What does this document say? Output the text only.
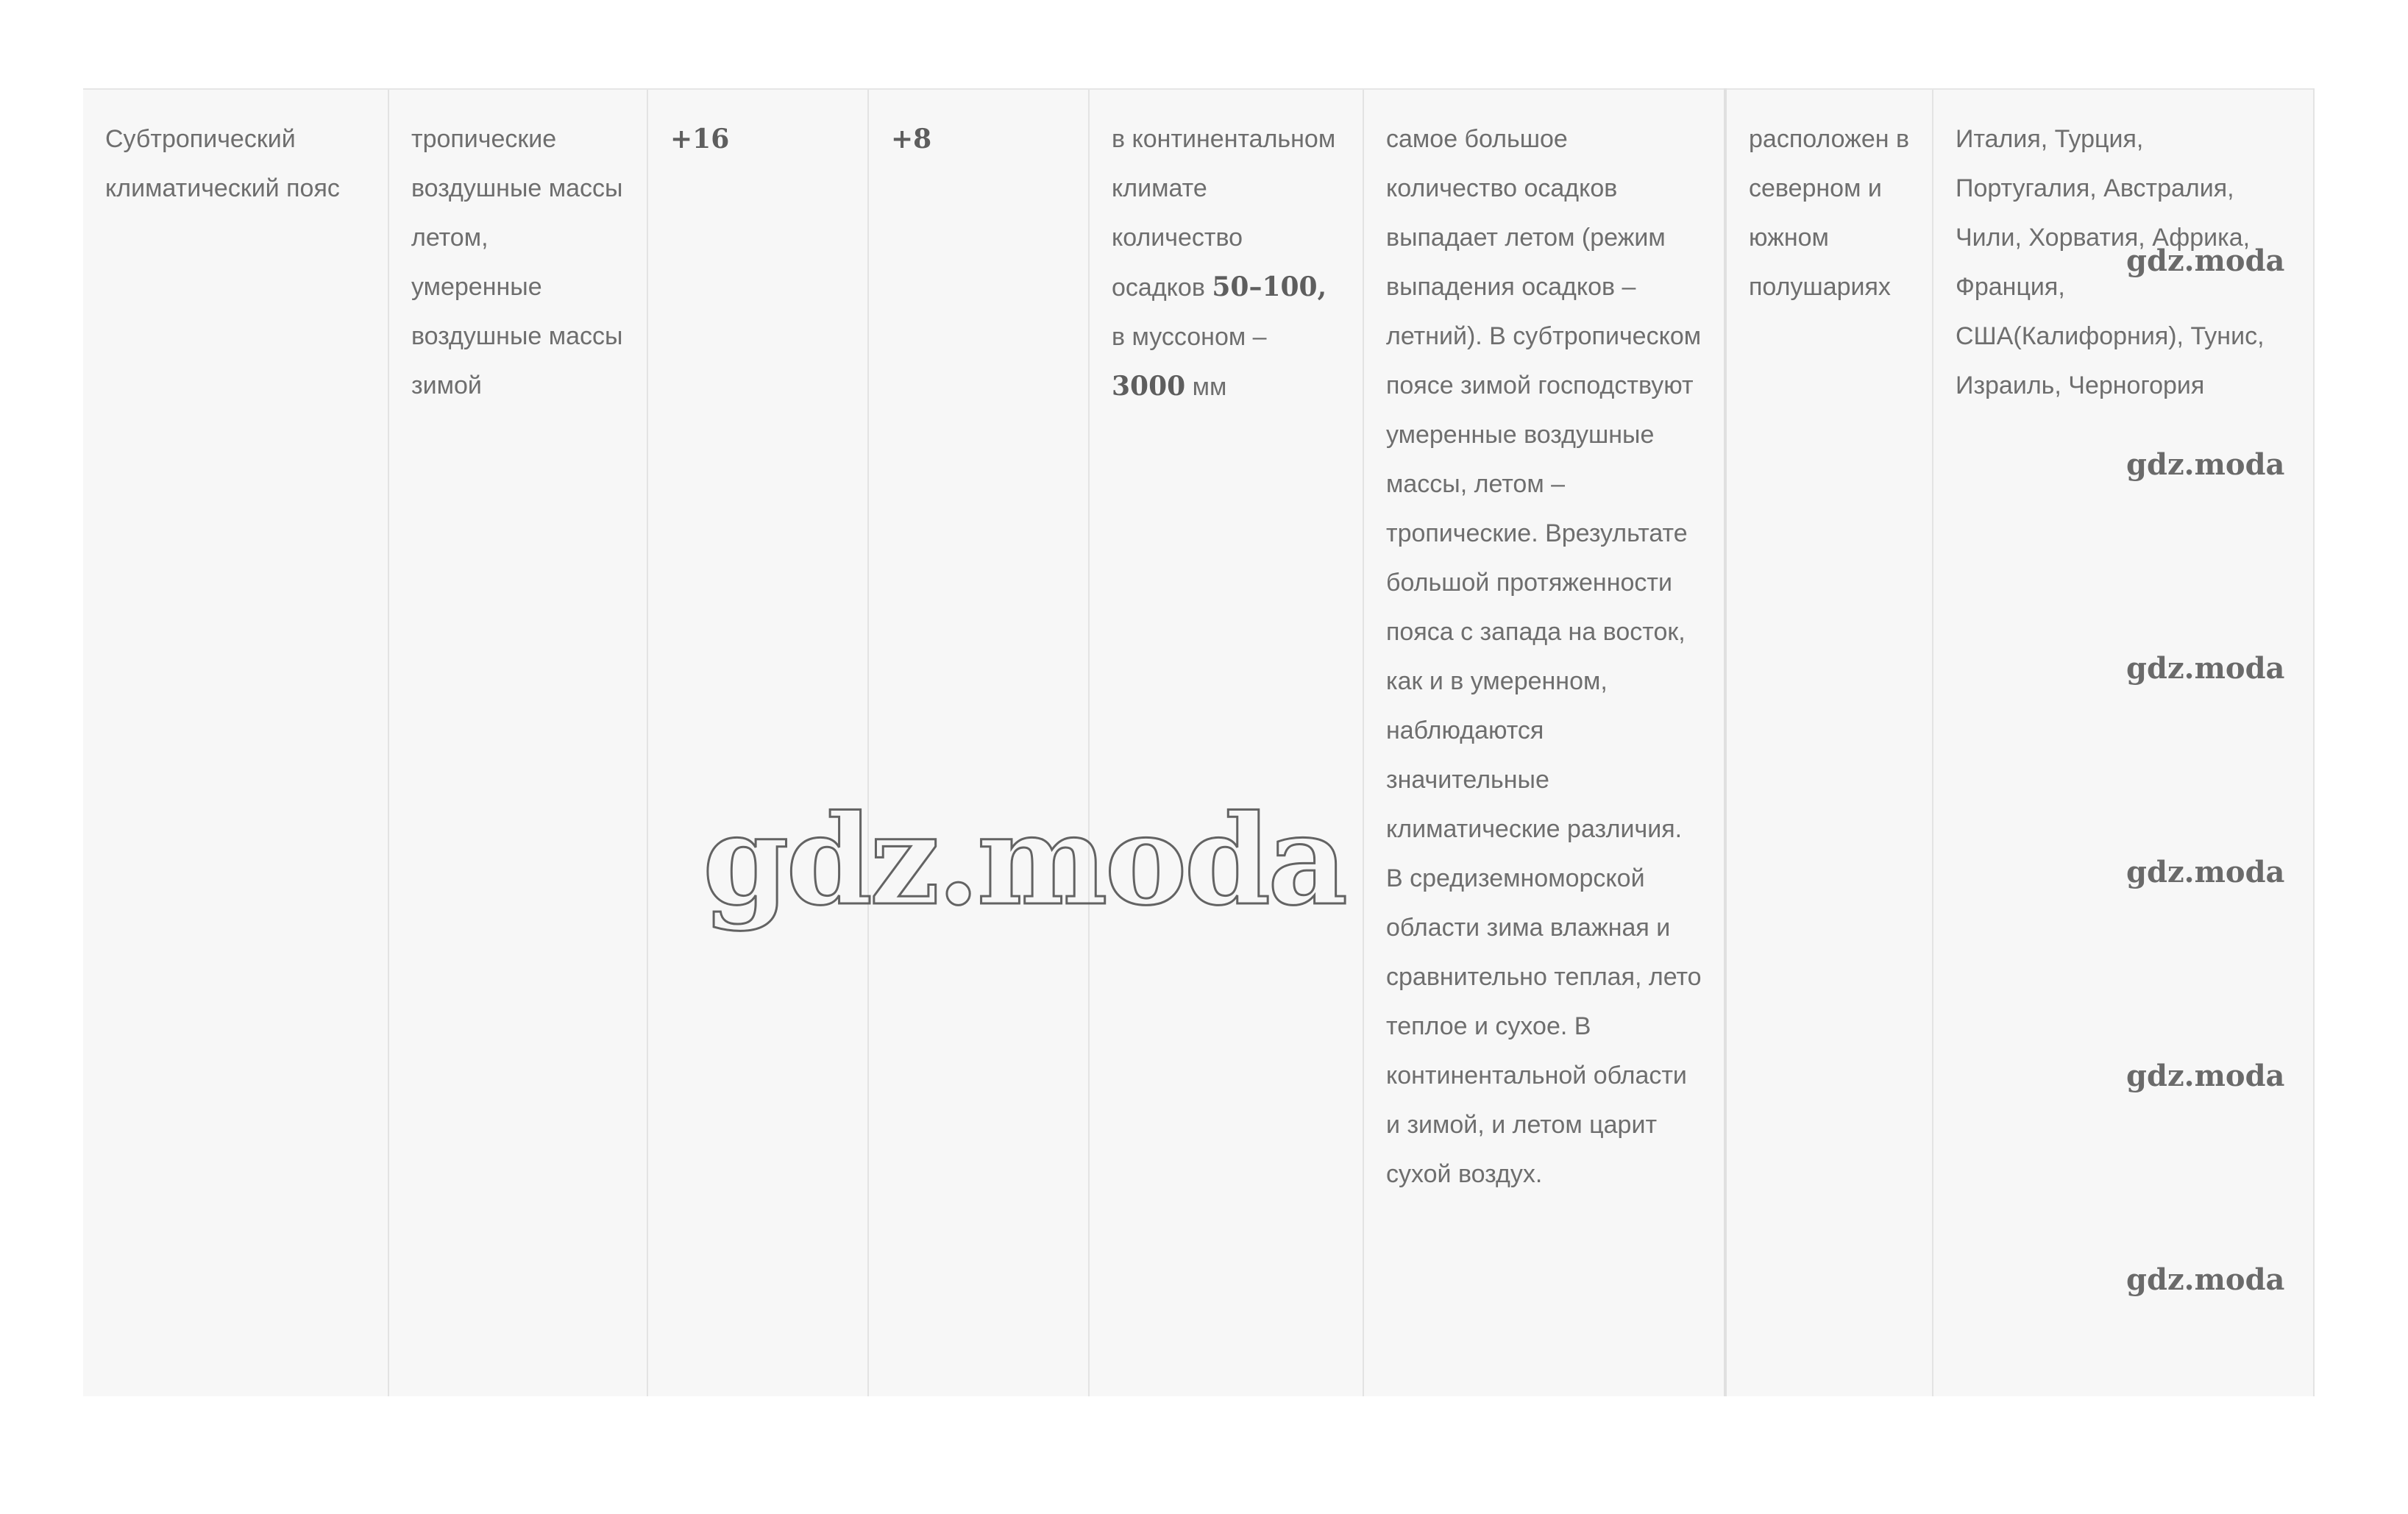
Субтропический климатический пояс	тропические воздушные массы летом, умеренные воздушные массы зимой	+16	+8	в континентальном климате количество осадков 50–100, в муссоном – 3000 мм	самое большое количество осадков выпадает летом (режим выпадения осадков – летний). В субтропическом поясе зимой господствуют умеренные воздушные массы, летом – тропические. Врезультате большой протяженности пояса с запада на восток, как и в умеренном, наблюдаются значительные климатические различия. В средиземноморской области зима влажная и сравнительно теплая, лето теплое и сухое. В континентальной области и зимой, и летом царит сухой воздух.	расположен в северном и южном полушариях	Италия, Турция, Португалия, Австралия, Чили, Хорватия, Африка, Франция, США(Калифорния), Тунис, Израиль, Черногория
gdz.moda
gdz.moda
gdz.moda
gdz.moda
gdz.moda
gdz.moda
gdz.moda
